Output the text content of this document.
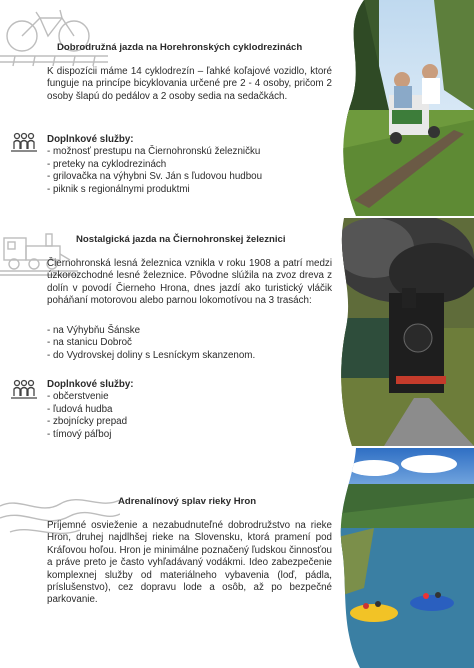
Dobrodružná jazda na Horehronských cyklodrezinách
K dispozícii máme 14 cyklodrezín – ľahké koľajové vozidlo, ktoré funguje na princípe bicyklovania určené pre 2 - 4 osoby, pričom 2 osoby šlapú do pedálov a 2 osoby sedia na sedačkách.
Doplnkové služby:
- možnosť prestupu na Čiernohronskú železničku
- preteky na cyklodrezinách
- grilovačka na výhybni Sv. Ján s ľudovou hudbou
- piknik s regionálnymi produktmi
Nostalgická jazda na Čiernohronskej železnici
Čiernohronská lesná železnica vznikla v roku 1908 a patrí medzi úzkorozchodné lesné železnice. Pôvodne slúžila na zvoz dreva z dolín v povodí Čierneho Hrona, dnes jazdí ako turistický vláčik poháňaní motorovou alebo parnou lokomotívou na 3 trasách:
- na Výhybňu Šánske
- na stanicu Dobroč
- do Vydrovskej doliny s Lesníckym skanzenom.
Doplnkové služby:
- občerstvenie
- ľudová hudba
- zbojnícky prepad
- tímový páľboj
Adrenalínový splav rieky Hron
Príjemné osvieženie a nezabudnuteľné dobrodružstvo na rieke Hron, druhej najdlhšej rieke na Slovensku, ktorá pramení pod Kráľovou hoľou. Hron je minimálne poznačený ľudskou činnosťou a práve preto je často vyhľadávaný vodákmi. Ideo zabezpečenie komplexnej služby od materiálneho vybavenia (loď, pádla, príslušenstvo), cez dopravu lode a osôb, až po bezpečné parkovanie.
